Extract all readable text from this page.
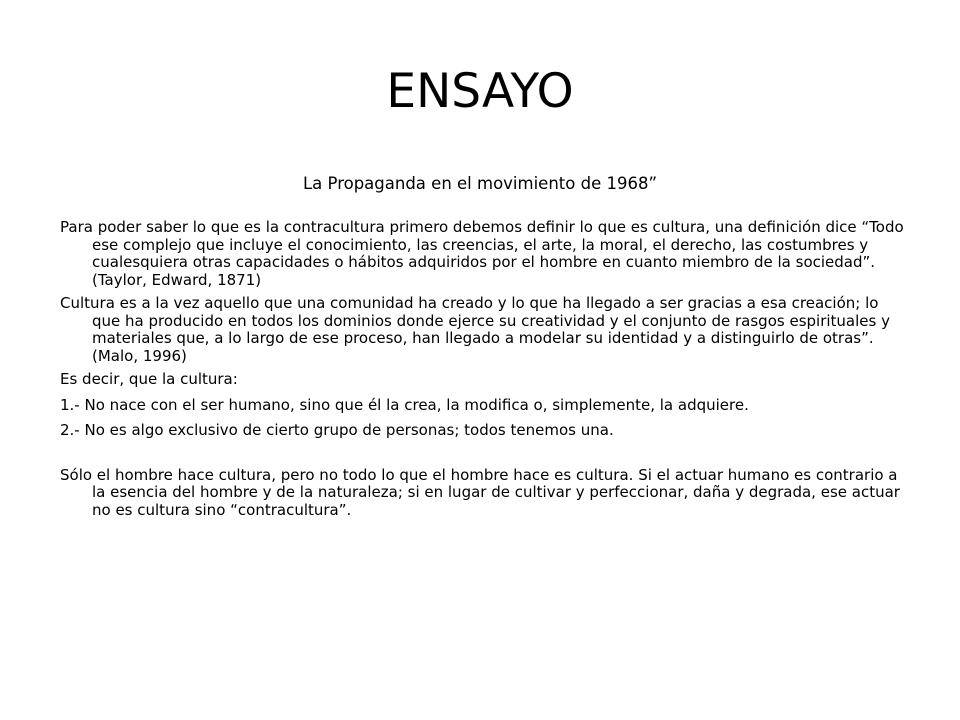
ENSAYO

La Propaganda en el movimiento de 1968”

Para poder saber lo que es la contracultura primero debemos definir lo que es cultura, una definición dice “Todo ese complejo que incluye el conocimiento, las creencias, el arte, la moral, el derecho, las costumbres y cualesquiera otras capacidades o hábitos adquiridos por el hombre en cuanto miembro de la sociedad”. (Taylor, Edward, 1871)

Cultura es a la vez aquello que una comunidad ha creado y lo que ha llegado a ser gracias a esa creación; lo que ha producido en todos los dominios donde ejerce su creatividad y el conjunto de rasgos espirituales y materiales que, a lo largo de ese proceso, han llegado a modelar su identidad y a distinguirlo de otras”. (Malo, 1996)

Es decir, que la cultura:

1.- No nace con el ser humano, sino que él la crea, la modifica o, simplemente, la adquiere.

2.- No es algo exclusivo de cierto grupo de personas; todos tenemos una.

Sólo el hombre hace cultura, pero no todo lo que el hombre hace es cultura. Si el actuar humano es contrario a la esencia del hombre y de la naturaleza; si en lugar de cultivar y perfeccionar, daña y degrada, ese actuar no es cultura sino “contracultura”.
